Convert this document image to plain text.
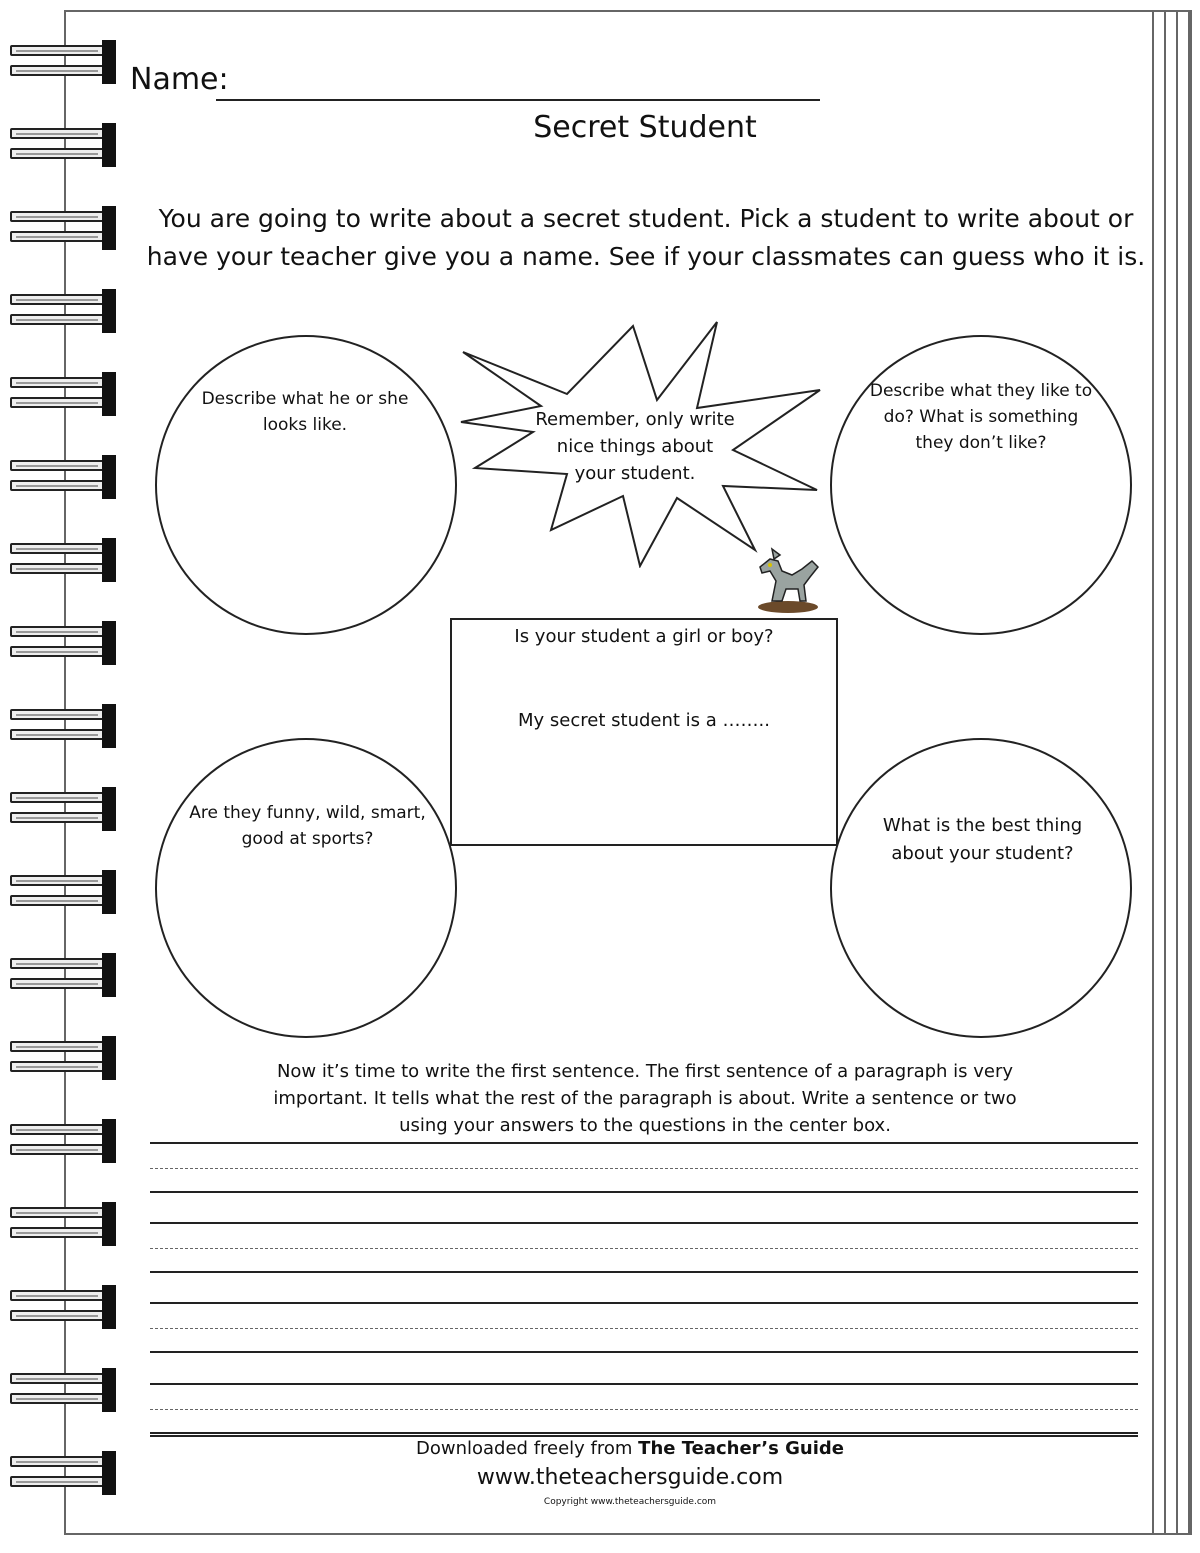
Name:
Secret Student
You are going to write about a secret student. Pick a student to write about or
have your teacher give you a name. See if your classmates can guess who it is.
Describe what he or she
looks like.
Describe what they like to
do? What is something
they don’t like?
Are they funny, wild, smart,
good at sports?
What is the best thing
about your student?
Remember, only write
nice things about
your student.
Is your student a girl or boy?
My secret student is a ……..
Now it’s time to write the first sentence. The first sentence of a paragraph is very
important. It tells what the rest of the paragraph is about. Write a sentence or two
using your answers to the questions in the center box.
Downloaded freely from The Teacher’s Guide
www.theteachersguide.com
Copyright www.theteachersguide.com
